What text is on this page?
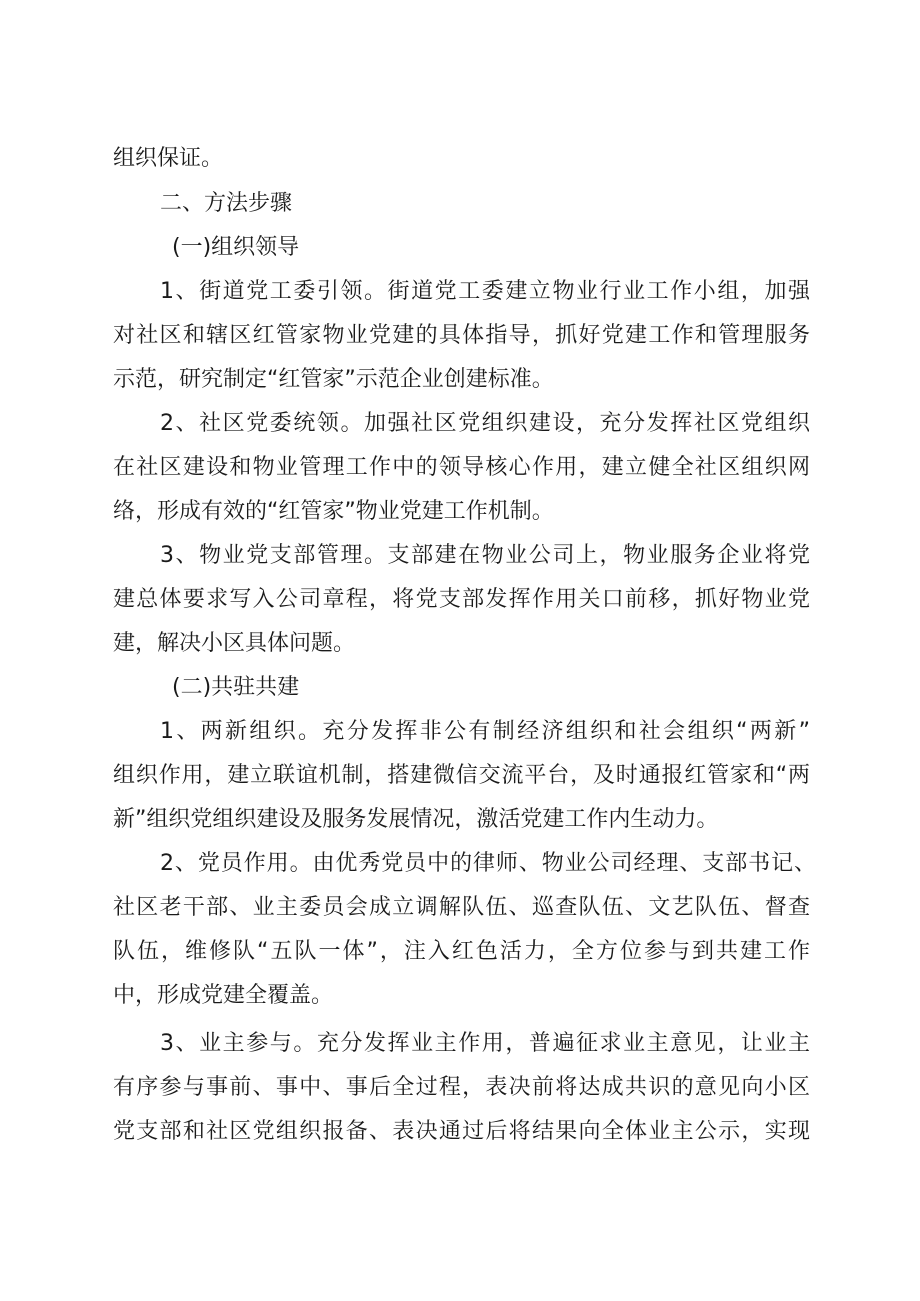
组织保证。
二、方法步骤
(一)组织领导
1、街道党工委引领。街道党工委建立物业行业工作小组，加强
对社区和辖区红管家物业党建的具体指导，抓好党建工作和管理服务
示范，研究制定“红管家”示范企业创建标准。
2、社区党委统领。加强社区党组织建设，充分发挥社区党组织
在社区建设和物业管理工作中的领导核心作用，建立健全社区组织网
络，形成有效的“红管家”物业党建工作机制。
3、物业党支部管理。支部建在物业公司上，物业服务企业将党
建总体要求写入公司章程，将党支部发挥作用关口前移，抓好物业党
建，解决小区具体问题。
(二)共驻共建
1、两新组织。充分发挥非公有制经济组织和社会组织“两新”
组织作用，建立联谊机制，搭建微信交流平台，及时通报红管家和“两
新”组织党组织建设及服务发展情况，激活党建工作内生动力。
2、党员作用。由优秀党员中的律师、物业公司经理、支部书记、
社区老干部、业主委员会成立调解队伍、巡查队伍、文艺队伍、督查
队伍，维修队“五队一体”，注入红色活力，全方位参与到共建工作
中，形成党建全覆盖。
3、业主参与。充分发挥业主作用，普遍征求业主意见，让业主
有序参与事前、事中、事后全过程，表决前将达成共识的意见向小区
党支部和社区党组织报备、表决通过后将结果向全体业主公示，实现
